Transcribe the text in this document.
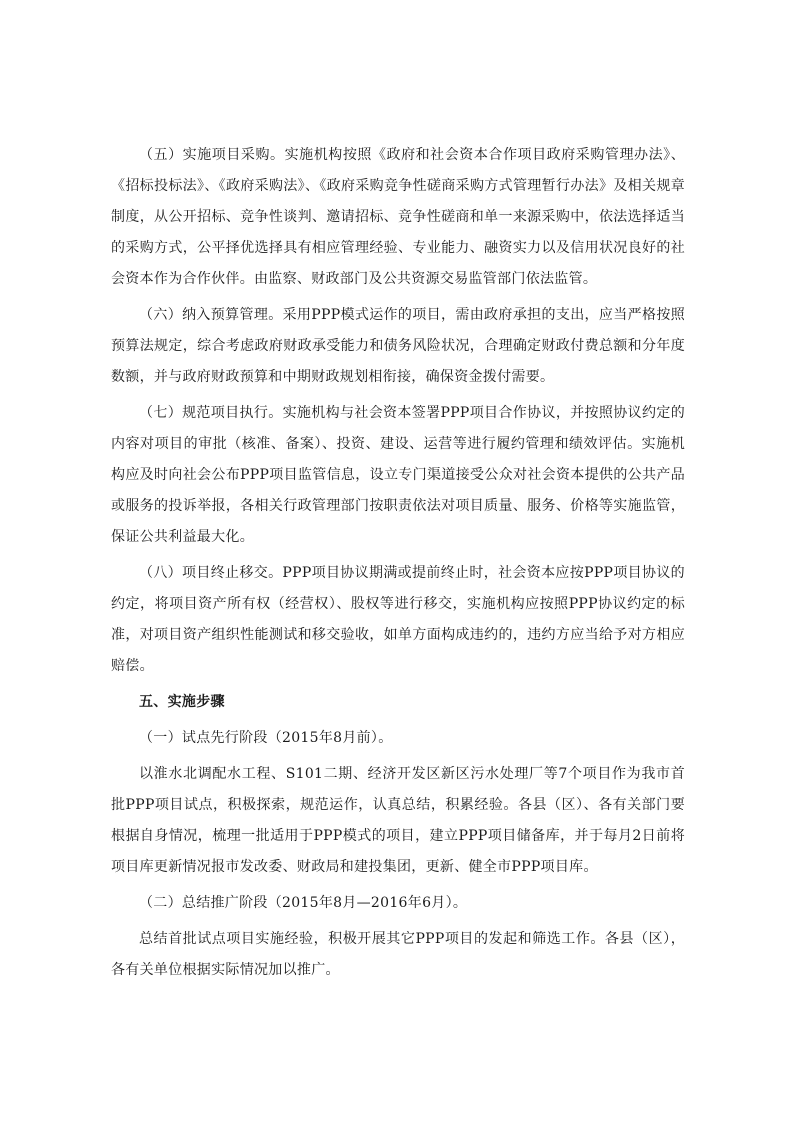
（五）实施项目采购。实施机构按照《政府和社会资本合作项目政府采购管理办法》、《招标投标法》、《政府采购法》、《政府采购竞争性磋商采购方式管理暂行办法》及相关规章制度，从公开招标、竞争性谈判、邀请招标、竞争性磋商和单一来源采购中，依法选择适当的采购方式，公平择优选择具有相应管理经验、专业能力、融资实力以及信用状况良好的社会资本作为合作伙伴。由监察、财政部门及公共资源交易监管部门依法监管。

（六）纳入预算管理。采用PPP模式运作的项目，需由政府承担的支出，应当严格按照预算法规定，综合考虑政府财政承受能力和债务风险状况，合理确定财政付费总额和分年度数额，并与政府财政预算和中期财政规划相衔接，确保资金拨付需要。

（七）规范项目执行。实施机构与社会资本签署PPP项目合作协议，并按照协议约定的内容对项目的审批（核准、备案）、投资、建设、运营等进行履约管理和绩效评估。实施机构应及时向社会公布PPP项目监管信息，设立专门渠道接受公众对社会资本提供的公共产品或服务的投诉举报，各相关行政管理部门按职责依法对项目质量、服务、价格等实施监管，保证公共利益最大化。

（八）项目终止移交。PPP项目协议期满或提前终止时，社会资本应按PPP项目协议的约定，将项目资产所有权（经营权）、股权等进行移交，实施机构应按照PPP协议约定的标准，对项目资产组织性能测试和移交验收，如单方面构成违约的，违约方应当给予对方相应赔偿。

五、实施步骤

（一）试点先行阶段（2015年8月前）。

以淮水北调配水工程、S101二期、经济开发区新区污水处理厂等7个项目作为我市首批PPP项目试点，积极探索，规范运作，认真总结，积累经验。各县（区）、各有关部门要根据自身情况，梳理一批适用于PPP模式的项目，建立PPP项目储备库，并于每月2日前将项目库更新情况报市发改委、财政局和建投集团，更新、健全市PPP项目库。

（二）总结推广阶段（2015年8月—2016年6月）。

总结首批试点项目实施经验，积极开展其它PPP项目的发起和筛选工作。各县（区），各有关单位根据实际情况加以推广。
